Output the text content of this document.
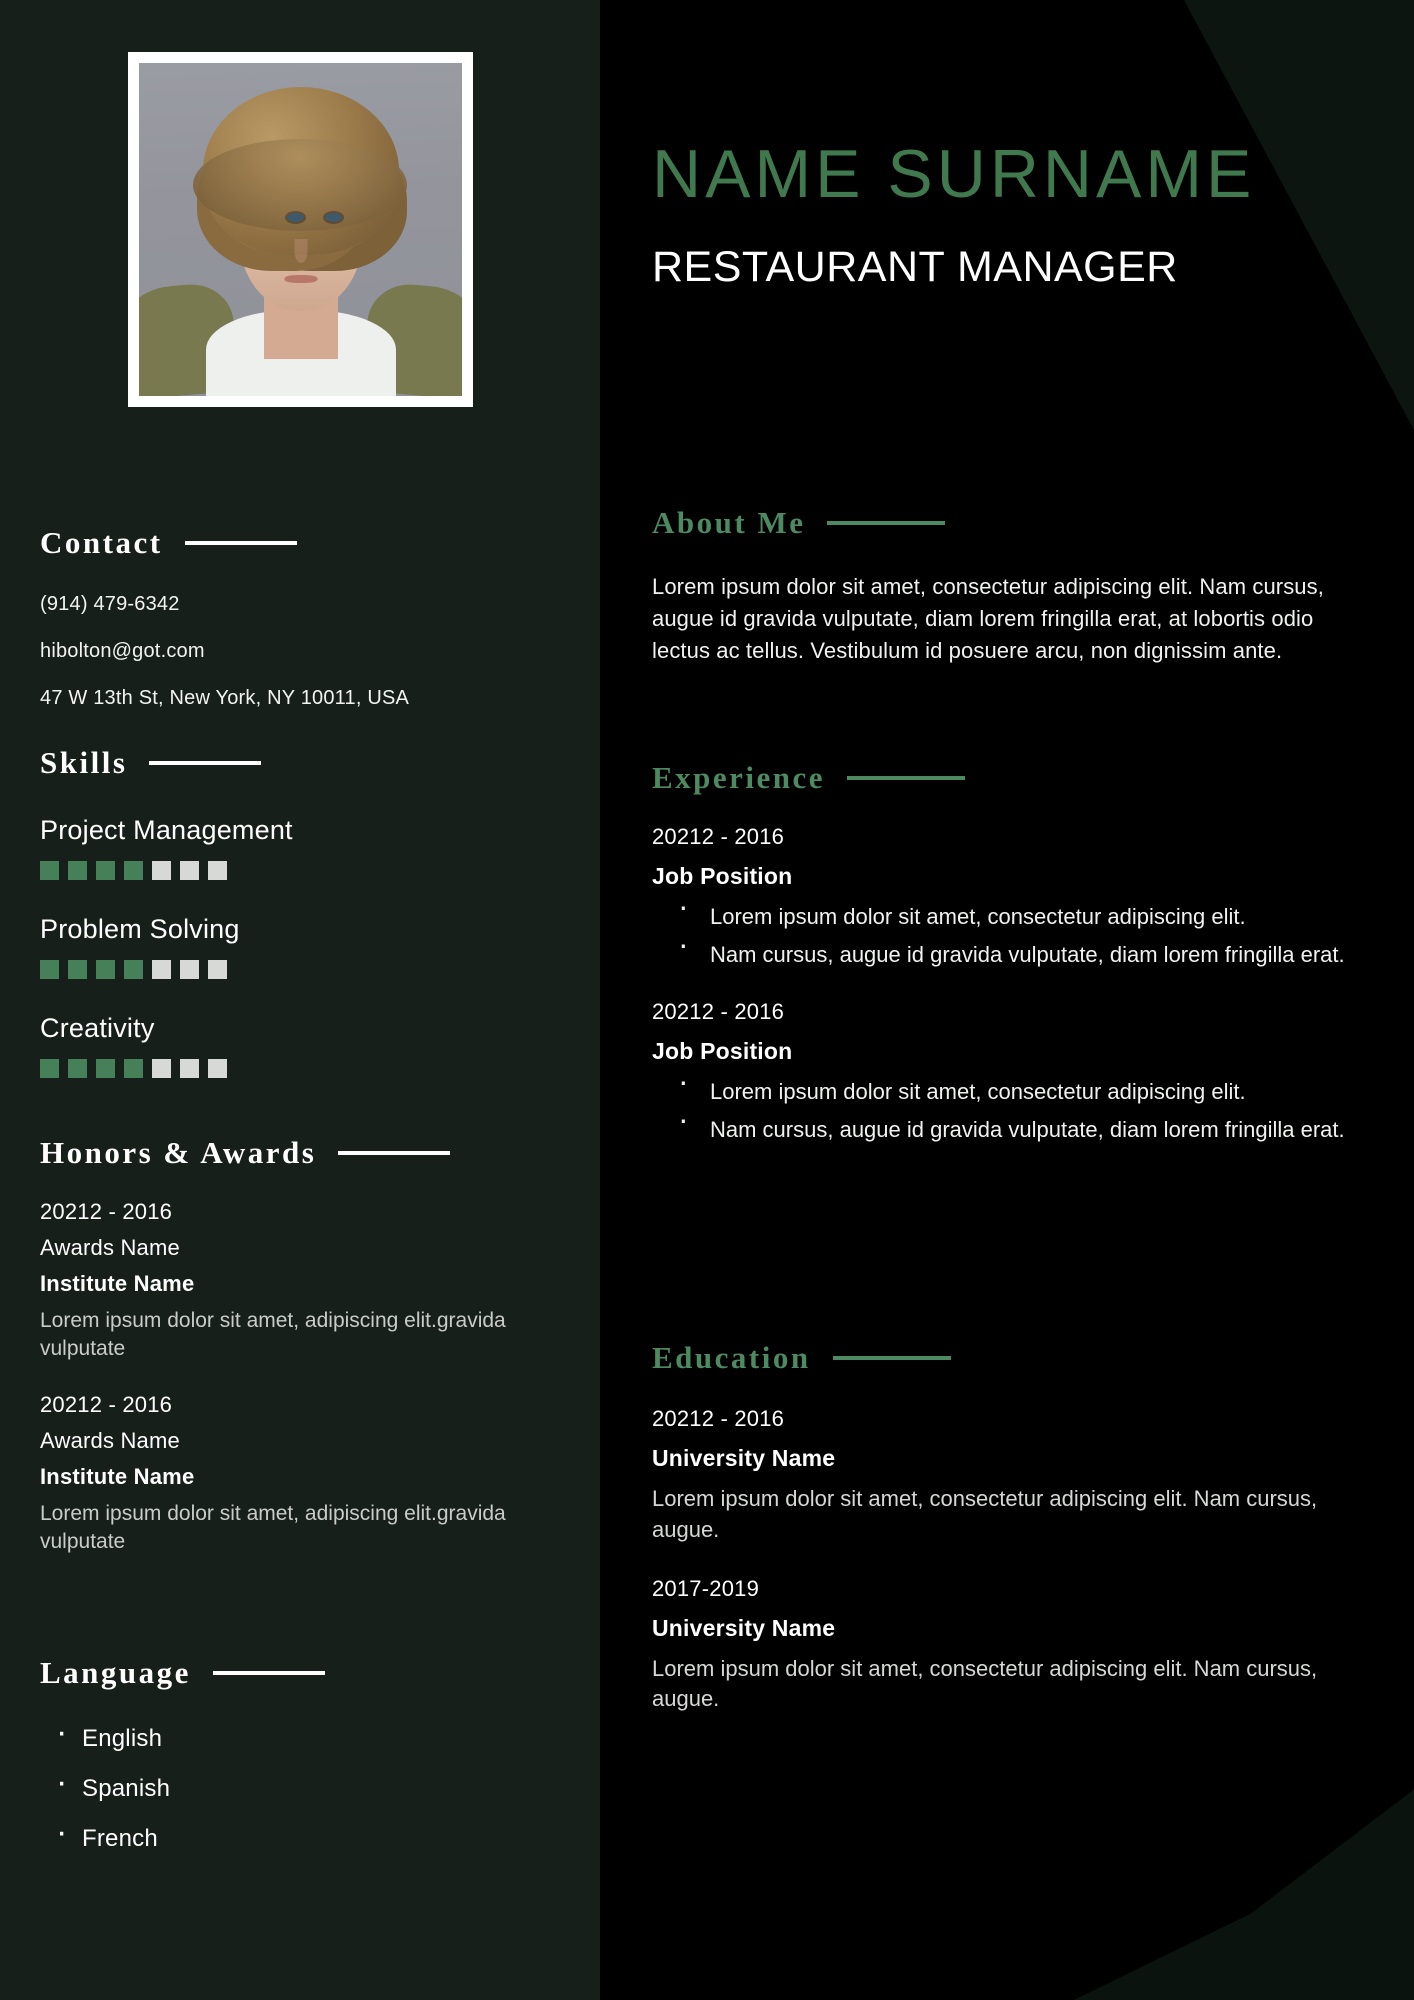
Contact
(914) 479-6342
hibolton@got.com
47 W 13th St, New York, NY 10011, USA
Skills
Project Management
Problem Solving
Creativity
Honors & Awards
20212 - 2016
Awards Name
Institute Name
Lorem ipsum dolor sit amet, adipiscing elit.gravida vulputate
20212 - 2016
Awards Name
Institute Name
Lorem ipsum dolor sit amet, adipiscing elit.gravida vulputate
Language
· English
· Spanish
· French
NAME SURNAME
RESTAURANT MANAGER
About Me

Lorem ipsum dolor sit amet, consectetur adipiscing elit. Nam cursus, augue id gravida vulputate, diam lorem fringilla erat, at lobortis odio lectus ac tellus. Vestibulum id posuere arcu, non dignissim ante.

Experience
20212 - 2016
Job Position
· Lorem ipsum dolor sit amet, consectetur adipiscing elit.
· Nam cursus, augue id gravida vulputate, diam lorem fringilla erat.
20212 - 2016
Job Position
· Lorem ipsum dolor sit amet, consectetur adipiscing elit.
· Nam cursus, augue id gravida vulputate, diam lorem fringilla erat.
Education
20212 - 2016
University Name
Lorem ipsum dolor sit amet, consectetur adipiscing elit. Nam cursus, augue.
2017-2019
University Name
Lorem ipsum dolor sit amet, consectetur adipiscing elit. Nam cursus, augue.
